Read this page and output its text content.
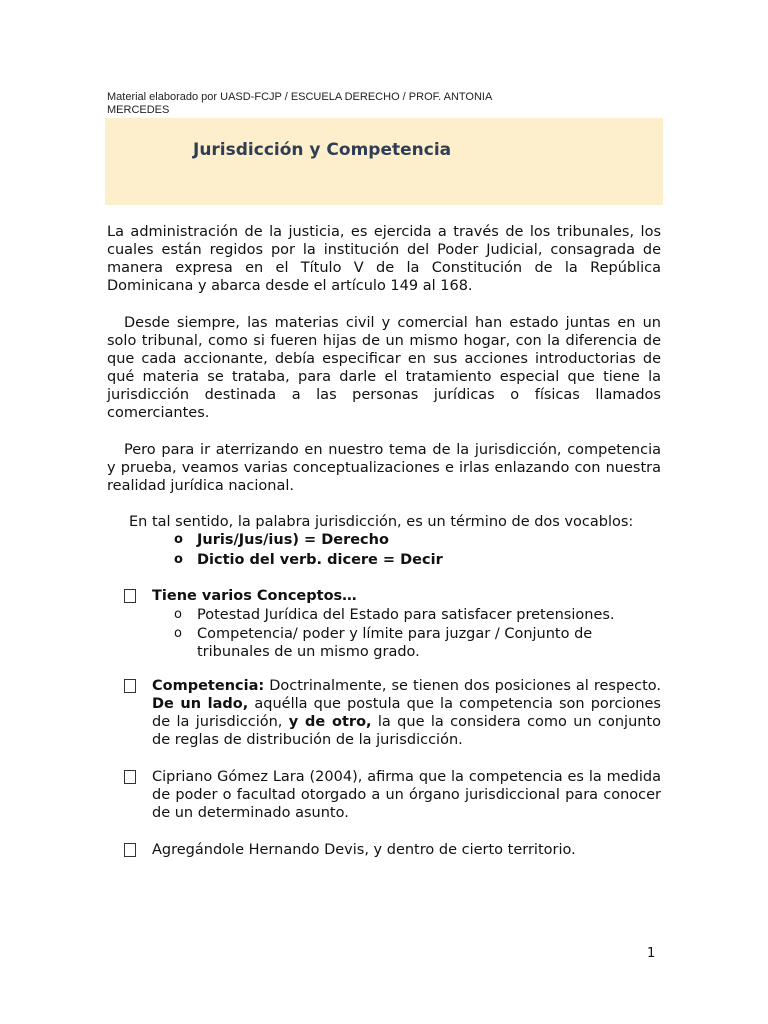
Material elaborado por UASD-FCJP / ESCUELA DERECHO / PROF. ANTONIA MERCEDES
Jurisdicción y Competencia

La administración de la justicia, es ejercida a través de los tribunales, los cuales están regidos por la institución del Poder Judicial, consagrada de manera expresa en el Título V de la Constitución de la República Dominicana y abarca desde el artículo 149 al 168.

Desde siempre, las materias civil y comercial han estado juntas en un solo tribunal, como si fueren hijas de un mismo hogar, con la diferencia de que cada accionante, debía especificar en sus acciones introductorias de qué materia se trataba, para darle el tratamiento especial que tiene la jurisdicción destinada a las personas jurídicas o físicas llamados comerciantes.

Pero para ir aterrizando en nuestro tema de la jurisdicción, competencia y prueba, veamos varias conceptualizaciones e irlas enlazando con nuestra realidad jurídica nacional.

En tal sentido, la palabra jurisdicción, es un término de dos vocablos:
o Juris/Jus/ius) = Derecho
o Dictio del verb. dicere = Decir
Tiene varios Conceptos…
o Potestad Jurídica del Estado para satisfacer pretensiones.
o Competencia/ poder y límite para juzgar / Conjunto de tribunales de un mismo grado.
Competencia: Doctrinalmente, se tienen dos posiciones al respecto. De un lado, aquélla que postula que la competencia son porciones de la jurisdicción, y de otro, la que la considera como un conjunto de reglas de distribución de la jurisdicción.
Cipriano Gómez Lara (2004), afirma que la competencia es la medida de poder o facultad otorgado a un órgano jurisdiccional para conocer de un determinado asunto.
Agregándole Hernando Devis, y dentro de cierto territorio.
1
